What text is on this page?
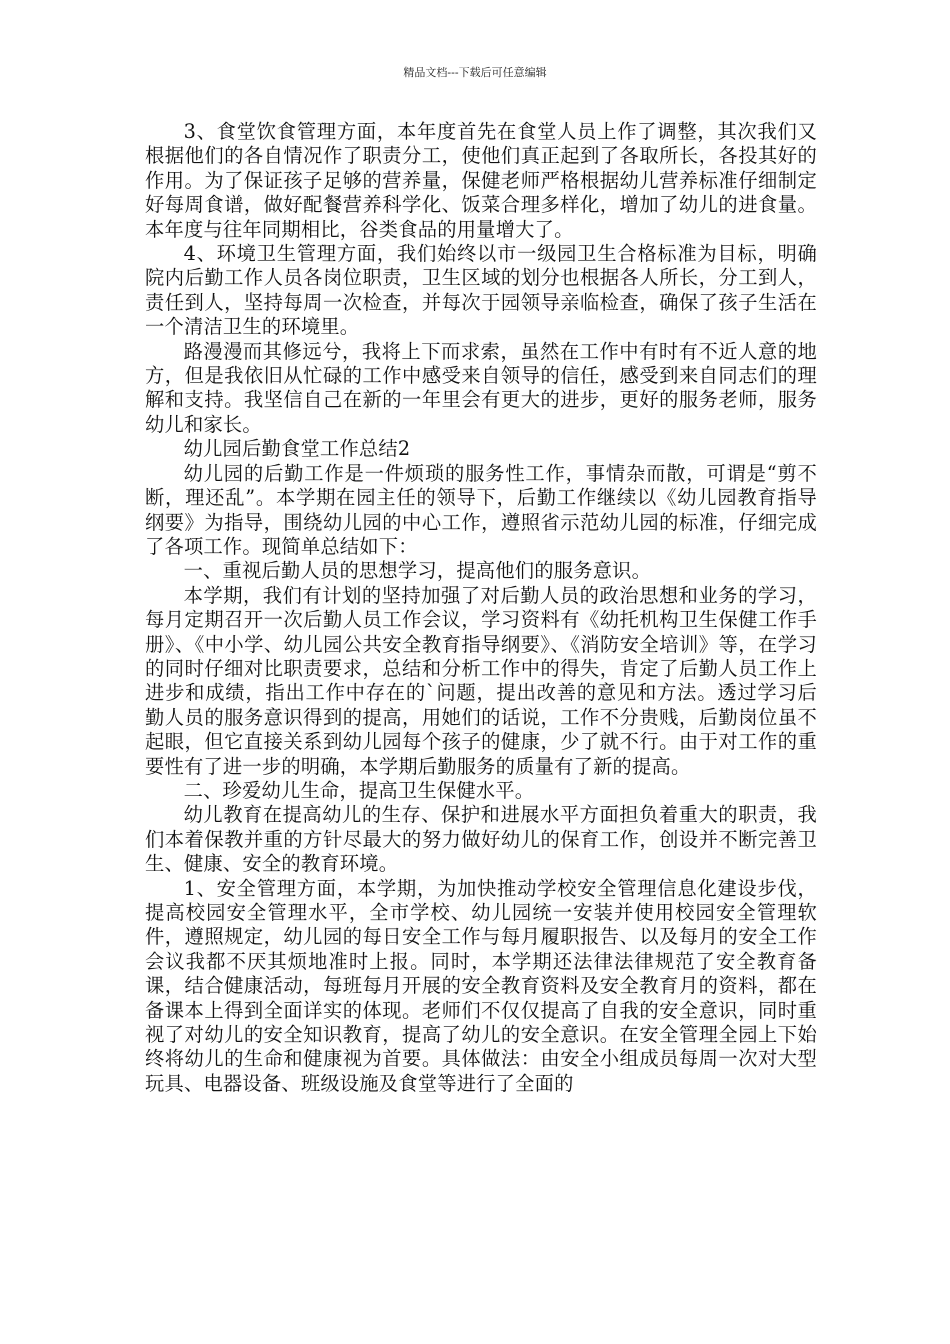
精品文档---下载后可任意编辑

3、食堂饮食管理方面，本年度首先在食堂人员上作了调整，其次我们又根据他们的各自情况作了职责分工，使他们真正起到了各取所长，各投其好的作用。为了保证孩子足够的营养量，保健老师严格根据幼儿营养标准仔细制定好每周食谱，做好配餐营养科学化、饭菜合理多样化，增加了幼儿的进食量。本年度与往年同期相比，谷类食品的用量增大了。

4、环境卫生管理方面，我们始终以市一级园卫生合格标准为目标，明确院内后勤工作人员各岗位职责，卫生区域的划分也根据各人所长，分工到人，责任到人，坚持每周一次检查，并每次于园领导亲临检查，确保了孩子生活在一个清洁卫生的环境里。

路漫漫而其修远兮，我将上下而求索，虽然在工作中有时有不近人意的地方，但是我依旧从忙碌的工作中感受来自领导的信任，感受到来自同志们的理解和支持。我坚信自己在新的一年里会有更大的进步，更好的服务老师，服务幼儿和家长。

幼儿园后勤食堂工作总结2

幼儿园的后勤工作是一件烦琐的服务性工作，事情杂而散，可谓是“剪不断，理还乱”。本学期在园主任的领导下，后勤工作继续以《幼儿园教育指导纲要》为指导，围绕幼儿园的中心工作，遵照省示范幼儿园的标准，仔细完成了各项工作。现简单总结如下：

一、重视后勤人员的思想学习，提高他们的服务意识。

本学期，我们有计划的坚持加强了对后勤人员的政治思想和业务的学习，每月定期召开一次后勤人员工作会议，学习资料有《幼托机构卫生保健工作手册》、《中小学、幼儿园公共安全教育指导纲要》、《消防安全培训》等，在学习的同时仔细对比职责要求，总结和分析工作中的得失，肯定了后勤人员工作上进步和成绩，指出工作中存在的`问题，提出改善的意见和方法。透过学习后勤人员的服务意识得到的提高，用她们的话说，工作不分贵贱，后勤岗位虽不起眼，但它直接关系到幼儿园每个孩子的健康，少了就不行。由于对工作的重要性有了进一步的明确，本学期后勤服务的质量有了新的提高。

二、珍爱幼儿生命，提高卫生保健水平。

幼儿教育在提高幼儿的生存、保护和进展水平方面担负着重大的职责，我们本着保教并重的方针尽最大的努力做好幼儿的保育工作，创设并不断完善卫生、健康、安全的教育环境。

1、安全管理方面，本学期，为加快推动学校安全管理信息化建设步伐，提高校园安全管理水平，全市学校、幼儿园统一安装并使用校园安全管理软件，遵照规定，幼儿园的每日安全工作与每月履职报告、以及每月的安全工作会议我都不厌其烦地准时上报。同时，本学期还法律法律规范了安全教育备课，结合健康活动，每班每月开展的安全教育资料及安全教育月的资料，都在备课本上得到全面详实的体现。老师们不仅仅提高了自我的安全意识，同时重视了对幼儿的安全知识教育，提高了幼儿的安全意识。在安全管理全园上下始终将幼儿的生命和健康视为首要。具体做法：由安全小组成员每周一次对大型玩具、电器设备、班级设施及食堂等进行了全面的
